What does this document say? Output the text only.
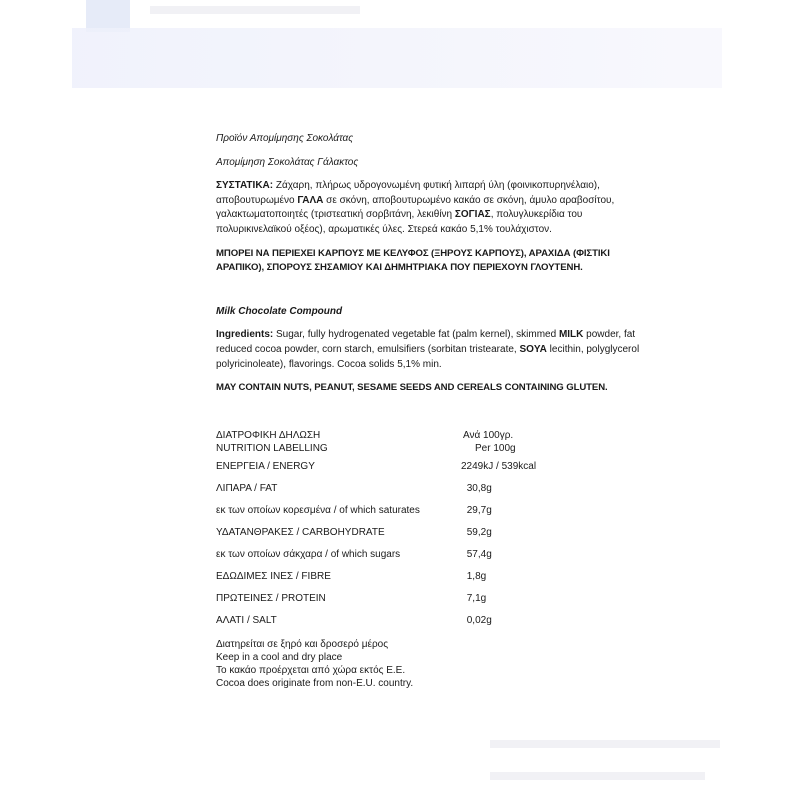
Προϊόν Απομίμησης Σοκολάτας

Απομίμηση Σοκολάτας Γάλακτος

ΣΥΣΤΑΤΙΚΑ: Ζάχαρη, πλήρως υδρογονωμένη φυτική λιπαρή ύλη (φοινικοπυρηνέλαιο), αποβουτυρωμένο ΓΑΛΑ σε σκόνη, αποβουτυρωμένο κακάο σε σκόνη, άμυλο αραβοσίτου, γαλακτωματοποιητές (τριστεατική σορβιτάνη, λεκιθίνη ΣΟΓΙΑΣ, πολυγλυκερίδια του πολυρικινελαϊκού οξέος), αρωματικές ύλες. Στερεά κακάο 5,1% τουλάχιστον.

ΜΠΟΡΕΙ ΝΑ ΠΕΡΙΕΧΕΙ ΚΑΡΠΟΥΣ ΜΕ ΚΕΛΥΦΟΣ (ΞΗΡΟΥΣ ΚΑΡΠΟΥΣ), ΑΡΑΧΙΔΑ (ΦΙΣΤΙΚΙ ΑΡΑΠΙΚΟ), ΣΠΟΡΟΥΣ ΣΗΣΑΜΙΟΥ ΚΑΙ ΔΗΜΗΤΡΙΑΚΑ ΠΟΥ ΠΕΡΙΕΧΟΥΝ ΓΛΟΥΤΕΝΗ.

Milk Chocolate Compound

Ingredients: Sugar, fully hydrogenated vegetable fat (palm kernel), skimmed MILK powder, fat reduced cocoa powder, corn starch, emulsifiers (sorbitan tristearate, SOYA lecithin, polyglycerol polyricinoleate), flavorings. Cocoa solids 5,1% min.

MAY CONTAIN NUTS, PEANUT, SESAME SEEDS AND CEREALS CONTAINING GLUTEN.

ΔΙΑΤΡΟΦΙΚΗ ΔΗΛΩΣΗ
NUTRITION LABELLING
Ανά 100γρ.
Per 100g
ΕΝΕΡΓΕΙΑ / ENERGY	2249kJ / 539kcal
ΛΙΠΑΡΑ / FAT	30,8g
εκ των οποίων κορεσμένα / of which saturates	29,7g
ΥΔΑΤΑΝΘΡΑΚΕΣ / CARBOHYDRATE	59,2g
εκ των οποίων σάκχαρα / of which sugars	57,4g
ΕΔΩΔΙΜΕΣ ΙΝΕΣ / FIBRE	1,8g
ΠΡΩΤΕΙΝΕΣ / PROTEIN	7,1g
ΑΛΑΤΙ / SALT	0,02g
Διατηρείται σε ξηρό και δροσερό μέρος
Keep in a cool and dry place
Το κακάο προέρχεται από χώρα εκτός Ε.Ε.
Cocoa does originate from non-E.U. country.
